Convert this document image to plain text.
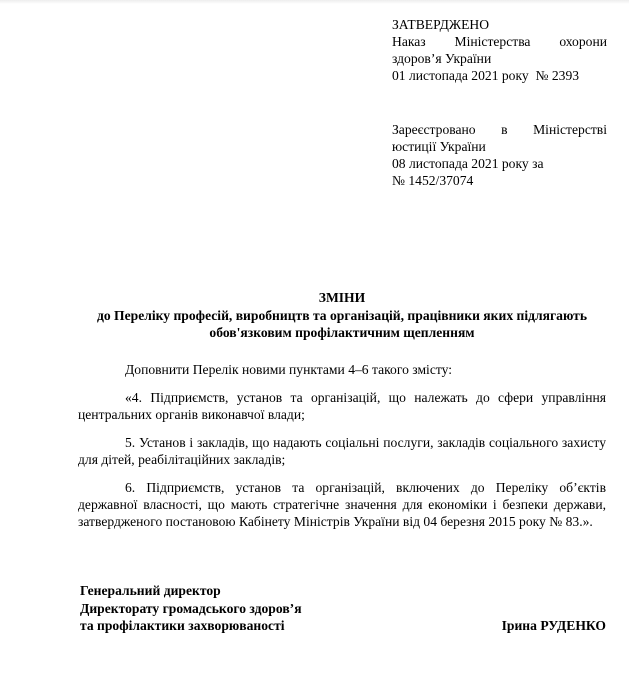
ЗАТВЕРДЖЕНО

Наказ Міністерства охорони здоров’я України

01 листопада 2021 року  № 2393

Зареєстровано в Міністерстві юстиції України

08 листопада 2021 року за

№ 1452/37074

ЗМІНИ

до Переліку професій, виробництв та організацій, працівники яких підлягають обов'язковим профілактичним щепленням

Доповнити Перелік новими пунктами 4–6 такого змісту:

«4. Підприємств, установ та організацій, що належать до сфери управління центральних органів виконавчої влади;

5. Установ і закладів, що надають соціальні послуги, закладів соціального захисту для дітей, реабілітаційних закладів;

6. Підприємств, установ та організацій, включених до Переліку об’єктів державної власності, що мають стратегічне значення для економіки і безпеки держави, затвердженого постановою Кабінету Міністрів України від 04 березня 2015 року № 83.».

Генеральний директор

Директорату громадського здоров’я

та профілактики захворюваності	Ірина РУДЕНКО
